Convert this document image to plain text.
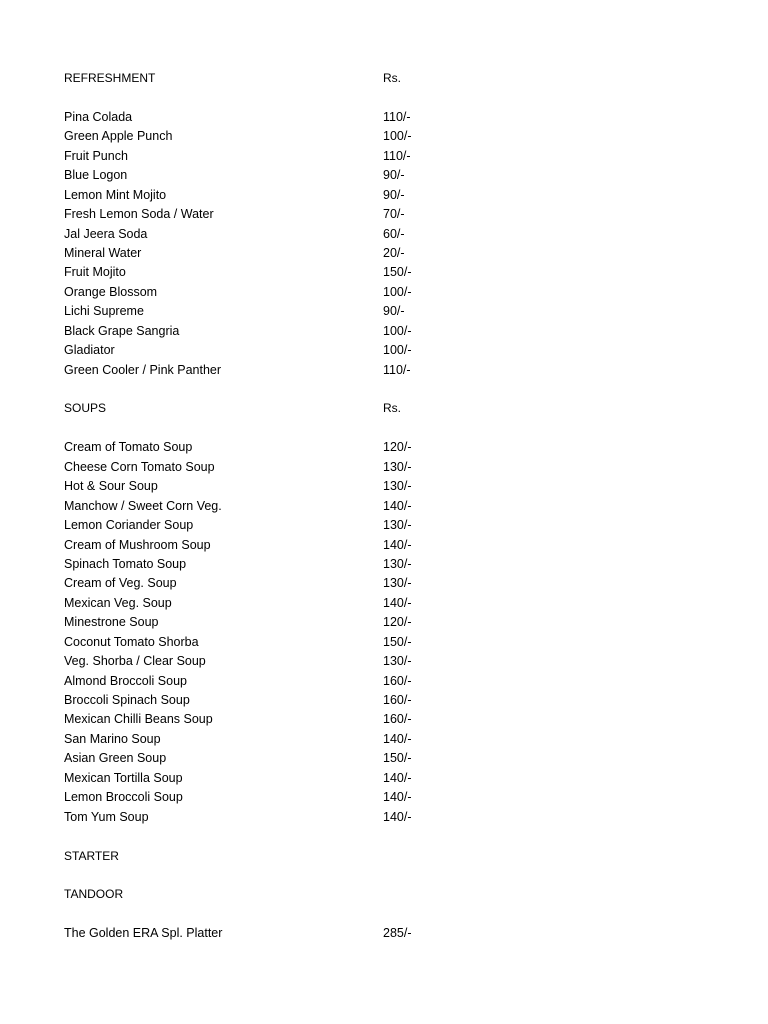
REFRESHMENT	Rs.
Pina Colada	110/-
Green Apple Punch	100/-
Fruit Punch	110/-
Blue Logon	90/-
Lemon Mint Mojito	90/-
Fresh Lemon Soda / Water	70/-
Jal Jeera Soda	60/-
Mineral Water	20/-
Fruit Mojito	150/-
Orange Blossom	100/-
Lichi Supreme	90/-
Black Grape Sangria	100/-
Gladiator	100/-
Green Cooler / Pink Panther	110/-
SOUPS	Rs.
Cream of Tomato Soup	120/-
Cheese Corn Tomato Soup	130/-
Hot & Sour Soup	130/-
Manchow / Sweet Corn Veg.	140/-
Lemon Coriander Soup	130/-
Cream of Mushroom Soup	140/-
Spinach Tomato Soup	130/-
Cream of Veg. Soup	130/-
Mexican Veg. Soup	140/-
Minestrone Soup	120/-
Coconut Tomato Shorba	150/-
Veg. Shorba / Clear Soup	130/-
Almond Broccoli Soup	160/-
Broccoli Spinach Soup	160/-
Mexican Chilli Beans Soup	160/-
San Marino Soup	140/-
Asian Green Soup	150/-
Mexican Tortilla Soup	140/-
Lemon Broccoli Soup	140/-
Tom Yum Soup	140/-
STARTER
TANDOOR
The Golden ERA Spl. Platter	285/-
